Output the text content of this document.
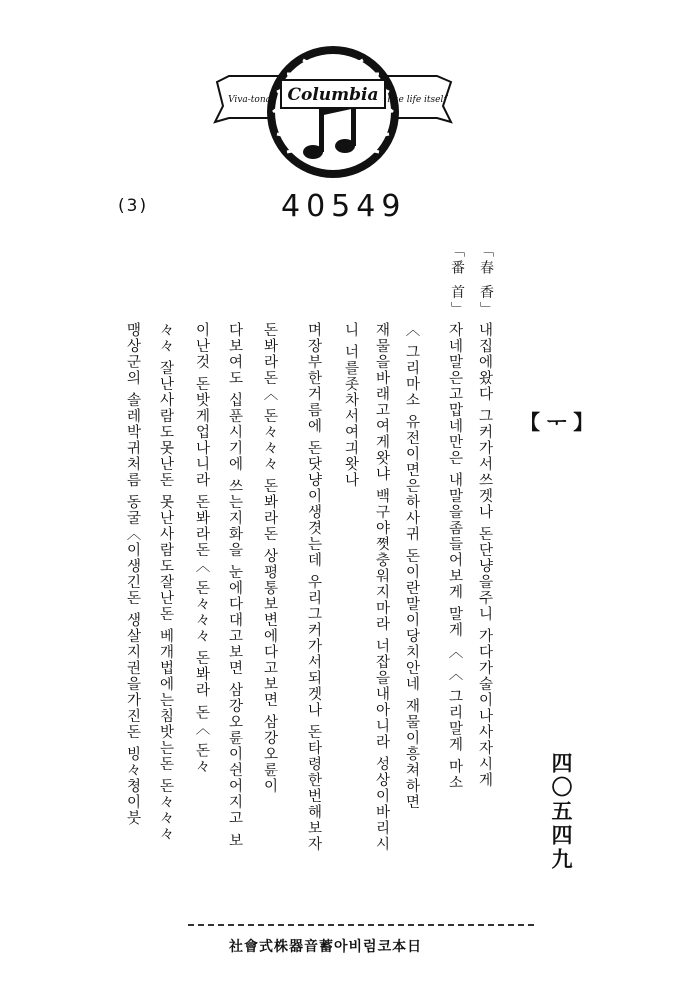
Columbia
Viva-tonal	like life itself
(3)	40549
【 ᅮ 】
四〇五四九
「春 香」
「番 首」
내집에왔다 그커가서쓰겟나 돈단냥을주니 가다가술이나사자시게
자네말은고맙네만은 내말을좀들어보게 말게 〈 〈 그리말게 마소
〈 그리마소 유전이면은하사귀 돈이란말이당치안네 재물이흥쳐하면
재물을바래고여게왓냐 백구야쪗충워지마라 너잡을내아니라 성상이바리시
니 너를좃차서여긔왓나
며장부한거름에 돈닷냥이생겻는데 우리그커가서되겟나 돈타령한번해보자
돈봐라돈〈 돈々々々 돈봐라돈 상평통보변에다고보면 삼강오륜이
다보여도 십푼시기에 쓰는지화을 눈에다대고보면 삼강오륜이쉰어지고 보
이난것 돈밧게업나니라 돈봐라돈〈 돈々々々 돈봐라 돈〈 돈々
々々 잘난사람도못난돈 못난사람도잘난돈 베개법에는침밧는돈 돈々々々
맹상군의 솔레박귀처름 동굴〈이생긴돈 생살지권을가진돈 빙々쳥이붓
社會式株器音蓄아비럼코本日
